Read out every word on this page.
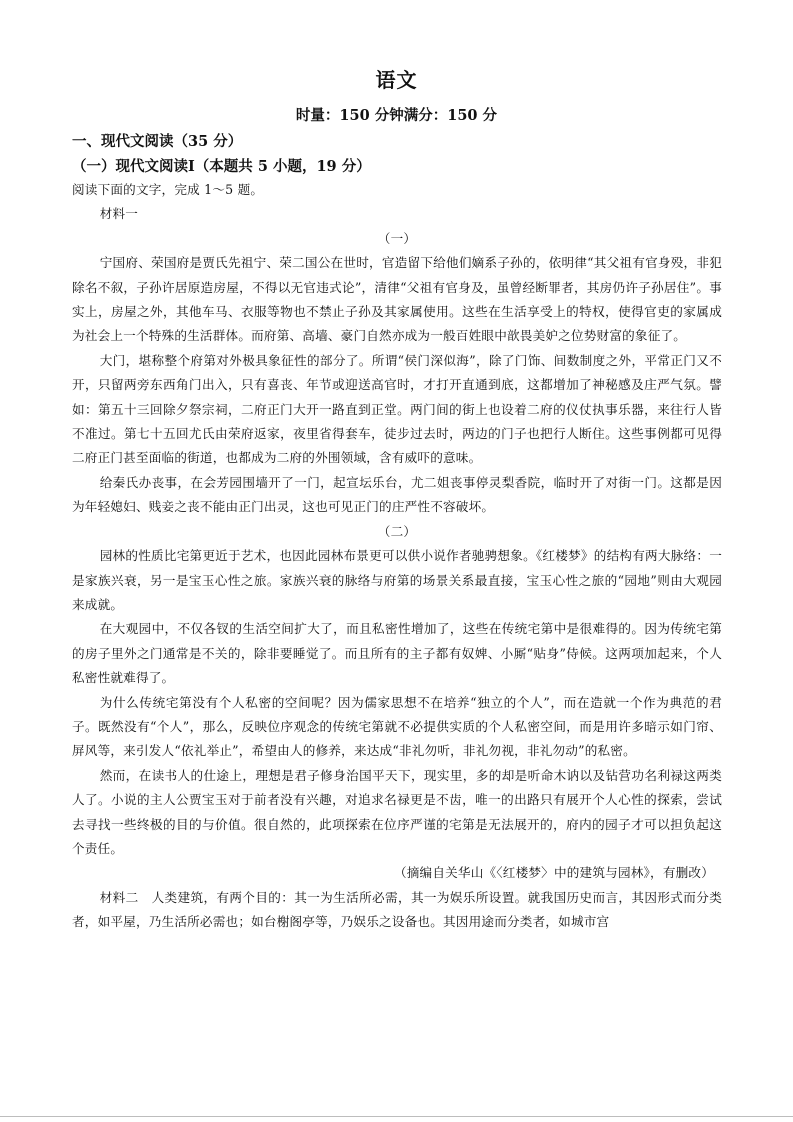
语文
时量：150 分钟满分：150 分
一、现代文阅读（35 分）
（一）现代文阅读Ⅰ（本题共 5 小题，19 分）

阅读下面的文字，完成 1～5 题。

材料一

（一）

宁国府、荣国府是贾氏先祖宁、荣二国公在世时，官造留下给他们嫡系子孙的，依明律“其父祖有官身殁，非犯除名不叙，子孙许居原造房屋，不得以无官违式论”，清律“父祖有官身及，虽曾经断罪者，其房仍许子孙居住”。事实上，房屋之外，其他车马、衣服等物也不禁止子孙及其家属使用。这些在生活享受上的特权，使得官吏的家属成为社会上一个特殊的生活群体。而府第、高墙、豪门自然亦成为一般百姓眼中歆畏美妒之位势财富的象征了。

大门，堪称整个府第对外极具象征性的部分了。所谓“侯门深似海”，除了门饰、间数制度之外，平常正门又不开，只留两旁东西角门出入，只有喜丧、年节或迎送高官时，才打开直通到底，这都增加了神秘感及庄严气氛。譬如：第五十三回除夕祭宗祠，二府正门大开一路直到正堂。两门间的街上也设着二府的仪仗执事乐器，来往行人皆不准过。第七十五回尤氏由荣府返家，夜里省得套车，徒步过去时，两边的门子也把行人断住。这些事例都可见得二府正门甚至面临的街道，也都成为二府的外围领域，含有威吓的意味。

给秦氏办丧事，在会芳园围墙开了一门，起宣坛乐台，尤二姐丧事停灵梨香院，临时开了对街一门。这都是因为年轻媳妇、贱妾之丧不能由正门出灵，这也可见正门的庄严性不容破坏。

（二）

园林的性质比宅第更近于艺术，也因此园林布景更可以供小说作者驰骋想象。《红楼梦》的结构有两大脉络：一是家族兴衰，另一是宝玉心性之旅。家族兴衰的脉络与府第的场景关系最直接，宝玉心性之旅的“园地”则由大观园来成就。

在大观园中，不仅各钗的生活空间扩大了，而且私密性增加了，这些在传统宅第中是很难得的。因为传统宅第的房子里外之门通常是不关的，除非要睡觉了。而且所有的主子都有奴婢、小厮“贴身”侍候。这两项加起来，个人私密性就难得了。

为什么传统宅第没有个人私密的空间呢？因为儒家思想不在培养“独立的个人”，而在造就一个作为典范的君子。既然没有“个人”，那么，反映位序观念的传统宅第就不必提供实质的个人私密空间，而是用许多暗示如门帘、屏风等，来引发人“依礼举止”，希望由人的修养，来达成“非礼勿听，非礼勿视，非礼勿动”的私密。

然而，在读书人的仕途上，理想是君子修身治国平天下，现实里，多的却是听命木讷以及钻营功名利禄这两类人了。小说的主人公贾宝玉对于前者没有兴趣，对追求名禄更是不齿，唯一的出路只有展开个人心性的探索，尝试去寻找一些终极的目的与价值。很自然的，此项探索在位序严谨的宅第是无法展开的，府内的园子才可以担负起这个责任。

（摘编自关华山《〈红楼梦〉中的建筑与园林》，有删改）

材料二　人类建筑，有两个目的：其一为生活所必需，其一为娱乐所设置。就我国历史而言，其因形式而分类者，如平屋，乃生活所必需也；如台榭阁亭等，乃娱乐之设备也。其因用途而分类者，如城市宫
